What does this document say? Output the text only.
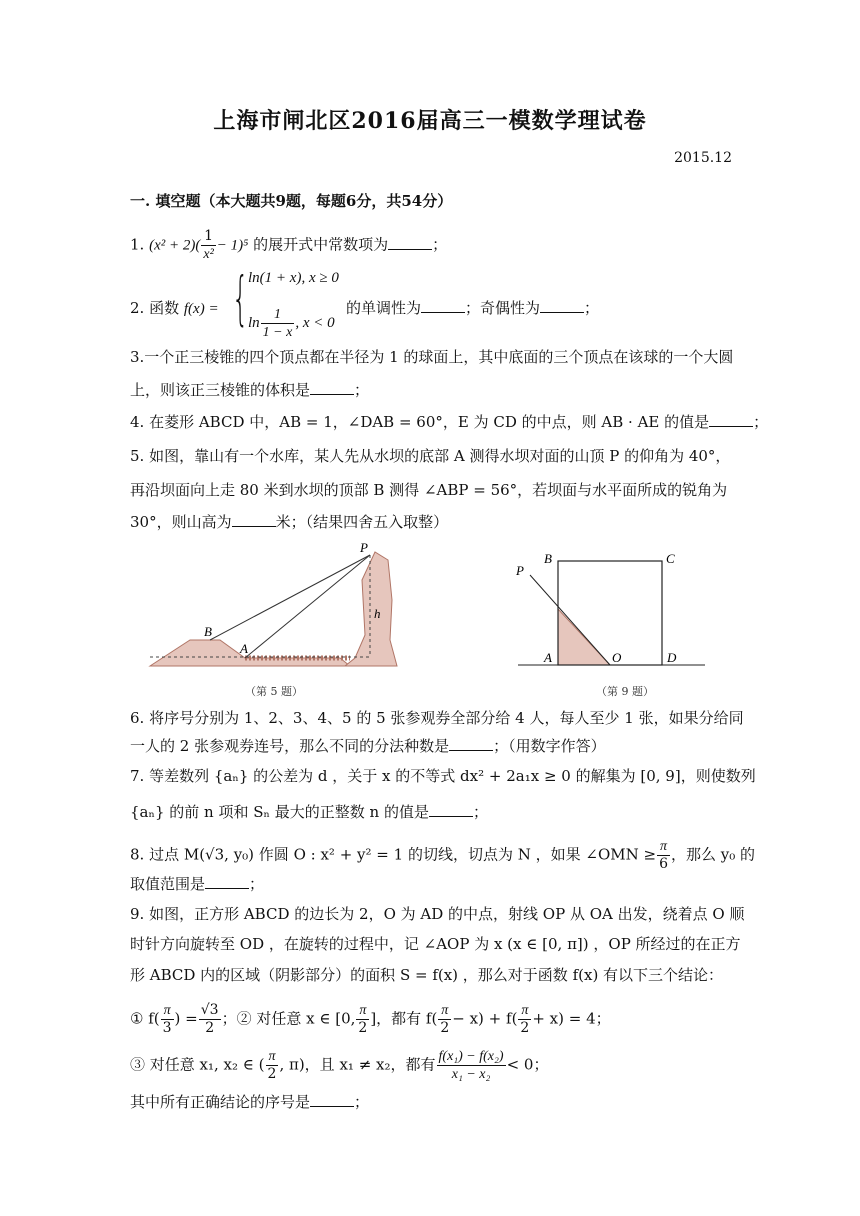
上海市闸北区2016届高三一模数学理试卷
2015.12
一. 填空题（本大题共9题，每题6分，共54分）
1. $(x^2 + 2)( \frac{1}{\text{x²}} - 1)^5$ 的展开式中常数项为	；
2. 函数 f(x) = { ln(1 + x), x ≥ 0
$\ln \frac{1}{1 - x}$ , x < 0
的单调性为	；奇偶性为	；
3.一个正三棱锥的四个顶点都在半径为 1 的球面上，其中底面的三个顶点在该球的一个大圆
上，则该正三棱锥的体积是	；
4. 在菱形 ABCD 中，AB = 1，∠DAB = 60°，E 为 CD 的中点，则 AB · AE 的值是	；
5. 如图，靠山有一个水库，某人先从水坝的底部 A 测得水坝对面的山顶 P 的仰角为 40°，
再沿坝面向上走 80 米到水坝的顶部 B 测得 ∠ABP = 56°，若坝面与水平面所成的锐角为
30°，则山高为	米；（结果四舍五入取整）
P
B
A
h
（第 5 题）
B	C
P
A	O	D
（第 9 题）
6. 将序号分别为 1、2、3、4、5 的 5 张参观券全部分给 4 人，每人至少 1 张，如果分给同
一人的 2 张参观券连号，那么不同的分法种数是	；（用数字作答）
7. 等差数列 {aₙ} 的公差为 d ，关于 x 的不等式 dx² + 2a₁x ≥ 0 的解集为 [0, 9]，则使数列
{aₙ} 的前 n 项和 Sₙ 最大的正整数 n 的值是	；
8. 过点 M(√3, y₀) 作圆 O : x² + y² = 1 的切线，切点为 N ，如果 ∠OMN ≥ $\frac{\pi}{6}$ ，那么 y₀ 的
取值范围是	；
9. 如图，正方形 ABCD 的边长为 2，O 为 AD 的中点，射线 OP 从 OA 出发，绕着点 O 顺
时针方向旋转至 OD ，在旋转的过程中，记 ∠AOP 为 x (x ∈ [0, π]) ，OP 所经过的在正方
形 ABCD 内的区域（阴影部分）的面积 S = f(x) ，那么对于函数 f(x) 有以下三个结论：
① $f( \frac{\pi}{3}$ ) = $\frac{√3}{2}$ ；② 对任意 x ∈ [0, $\frac{\pi}{2}$ ]，都有 $f( \frac{\pi}{2} - x) + f( \frac{\pi}{2} + x) = 4$；
③ 对任意 x₁, x₂ ∈ ( $\frac{\pi}{2}$ , π)，且 x₁ ≠ x₂，都有 $\frac{\text{f(x₁) − f(x₂)}}{\text{x₁ − x₂}} < 0$；
其中所有正确结论的序号是	；
